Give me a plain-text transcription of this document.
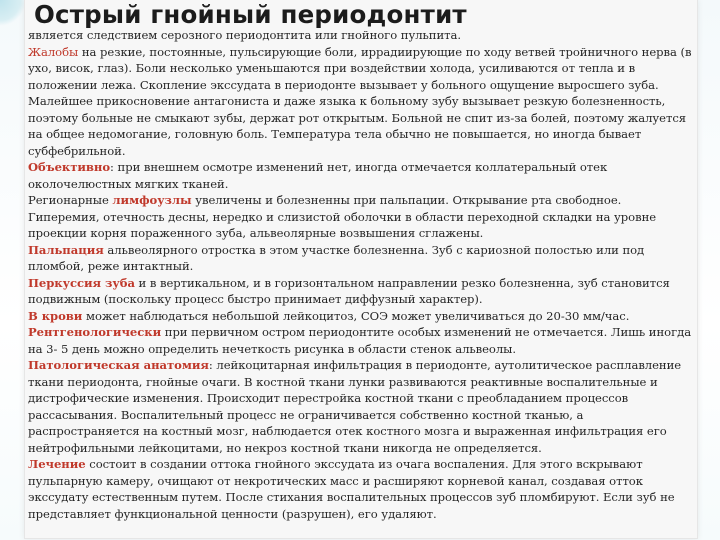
Острый гнойный периодонтит

является следствием серозного периодонтита или гнойного пульпита.

Жалобы на резкие, постоянные, пульсирующие боли, иррадиирующие по ходу ветвей тройничного нерва (в ухо, висок, глаз). Боли несколько уменьшаются при воздействии холода, усиливаются от тепла и в положении лежа. Скопление экссудата в периодонте вызывает у больного ощущение выросшего зуба. Малейшее прикосновение антагониста и даже языка к больному зубу вызывает резкую болезненность, поэтому больные не смыкают зубы, держат рот открытым. Больной не спит из-за болей, поэтому жалуется на общее недомогание, головную боль. Температура тела обычно не повышается, но иногда бывает субфебрильной.

Объективно: при внешнем осмотре изменений нет, иногда отмечается коллатеральный отек околочелюстных мягких тканей.

Регионарные лимфоузлы увеличены и болезненны при пальпации. Открывание рта свободное. Гиперемия, отечность десны, нередко и слизистой оболочки в области переходной складки на уровне проекции корня пораженного зуба, альвеолярные возвышения сглажены.

Пальпация альвеолярного отростка в этом участке болезненна. Зуб с кариозной полостью или под пломбой, реже интактный.

Перкуссия зуба и в вертикальном, и в горизонтальном направлении резко болезненна, зуб становится подвижным (поскольку процесс быстро принимает диффузный характер).

В крови может наблюдаться небольшой лейкоцитоз, СОЭ может увеличиваться до 20-30 мм/час.

Рентгенологически при первичном остром периодонтите особых изменений не отмечается. Лишь иногда на 3- 5 день можно определить нечеткость рисунка в области стенок альвеолы.

Патологическая анатомия: лейкоцитарная инфильтрация в периодонте, аутолитическое расплавление ткани периодонта, гнойные очаги. В костной ткани лунки развиваются реактивные воспалительные и дистрофические изменения. Происходит перестройка костной ткани с преобладанием процессов рассасывания. Воспалительный процесс не ограничивается собственно костной тканью, а распространяется на костный мозг, наблюдается отек костного мозга и выраженная инфильтрация его нейтрофильными лейкоцитами, но некроз костной ткани никогда не определяется.

Лечение состоит в создании оттока гнойного экссудата из очага воспаления. Для этого вскрывают пульпарную камеру, очищают от некротических масс и расширяют корневой канал, создавая отток экссудату естественным путем. После стихания воспалительных процессов зуб пломбируют. Если зуб не представляет функциональной ценности (разрушен), его удаляют.
